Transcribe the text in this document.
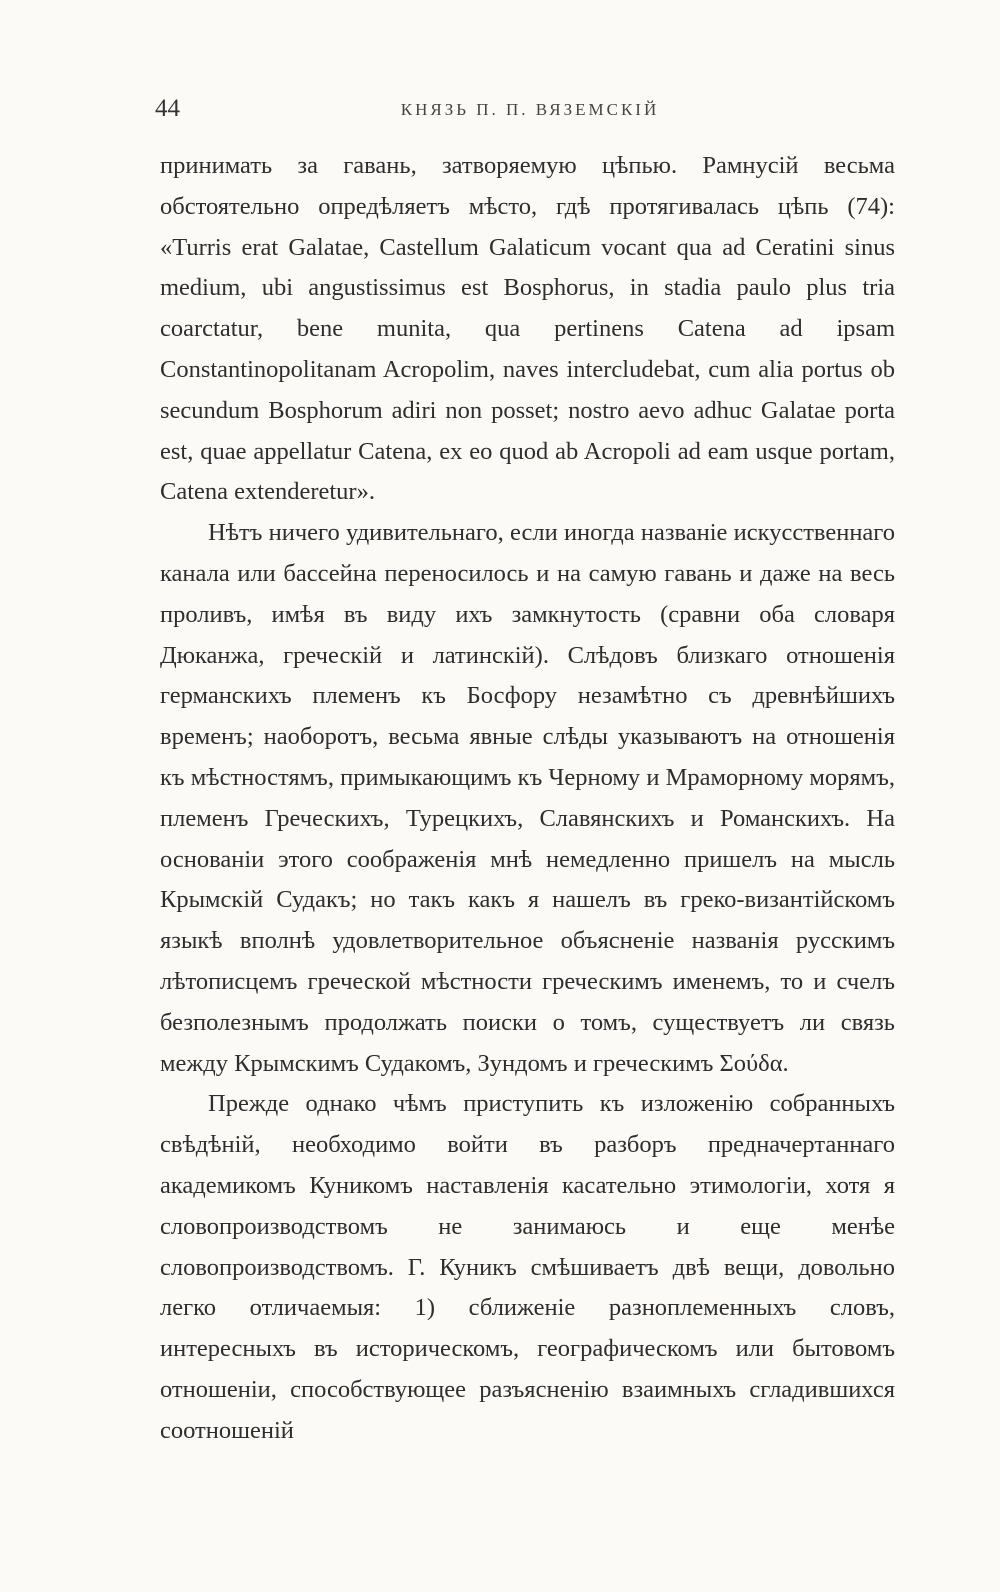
44	КНЯЗЬ П. П. ВЯЗЕМСКІЙ

принимать за гавань, затворяемую цѣпью. Рамнусій весьма обстоятельно опредѣляетъ мѣсто, гдѣ протягивалась цѣпь (74): «Turris erat Galatae, Castellum Galaticum vocant qua ad Ceratini sinus medium, ubi angustissimus est Bosphorus, in stadia paulo plus tria coarctatur, bene munita, qua pertinens Catena ad ipsam Constantinopolitanam Acropolim, naves intercludebat, cum alia portus ob secundum Bosphorum adiri non posset; nostro aevo adhuc Galatae porta est, quae appellatur Catena, ex eo quod ab Acropoli ad eam usque portam, Catena extenderetur».

Нѣтъ ничего удивительнаго, если иногда названіе искусственнаго канала или бассейна переносилось и на самую гавань и даже на весь проливъ, имѣя въ виду ихъ замкнутость (сравни оба словаря Дюканжа, греческій и латинскій). Слѣдовъ близкаго отношенія германскихъ племенъ къ Босфору незамѣтно съ древнѣйшихъ временъ; наоборотъ, весьма явные слѣды указываютъ на отношенія къ мѣстностямъ, примыкающимъ къ Черному и Мраморному морямъ, племенъ Греческихъ, Турецкихъ, Славянскихъ и Романскихъ. На основаніи этого соображенія мнѣ немедленно пришелъ на мысль Крымскій Судакъ; но такъ какъ я нашелъ въ греко-византійскомъ языкѣ вполнѣ удовлетворительное объясненіе названія русскимъ лѣтописцемъ греческой мѣстности греческимъ именемъ, то и счелъ безполезнымъ продолжать поиски о томъ, существуетъ ли связь между Крымскимъ Судакомъ, Зундомъ и греческимъ Σούδα.

Прежде однако чѣмъ приступить къ изложенію собранныхъ свѣдѣній, необходимо войти въ разборъ предначертаннаго академикомъ Куникомъ наставленія касательно этимологіи, хотя я словопроизводствомъ не занимаюсь и еще менѣе словопроизводствомъ. Г. Куникъ смѣшиваетъ двѣ вещи, довольно легко отличаемыя: 1) сближеніе разноплеменныхъ словъ, интересныхъ въ историческомъ, географическомъ или бытовомъ отношеніи, способствующее разъясненію взаимныхъ сгладившихся соотношеній
